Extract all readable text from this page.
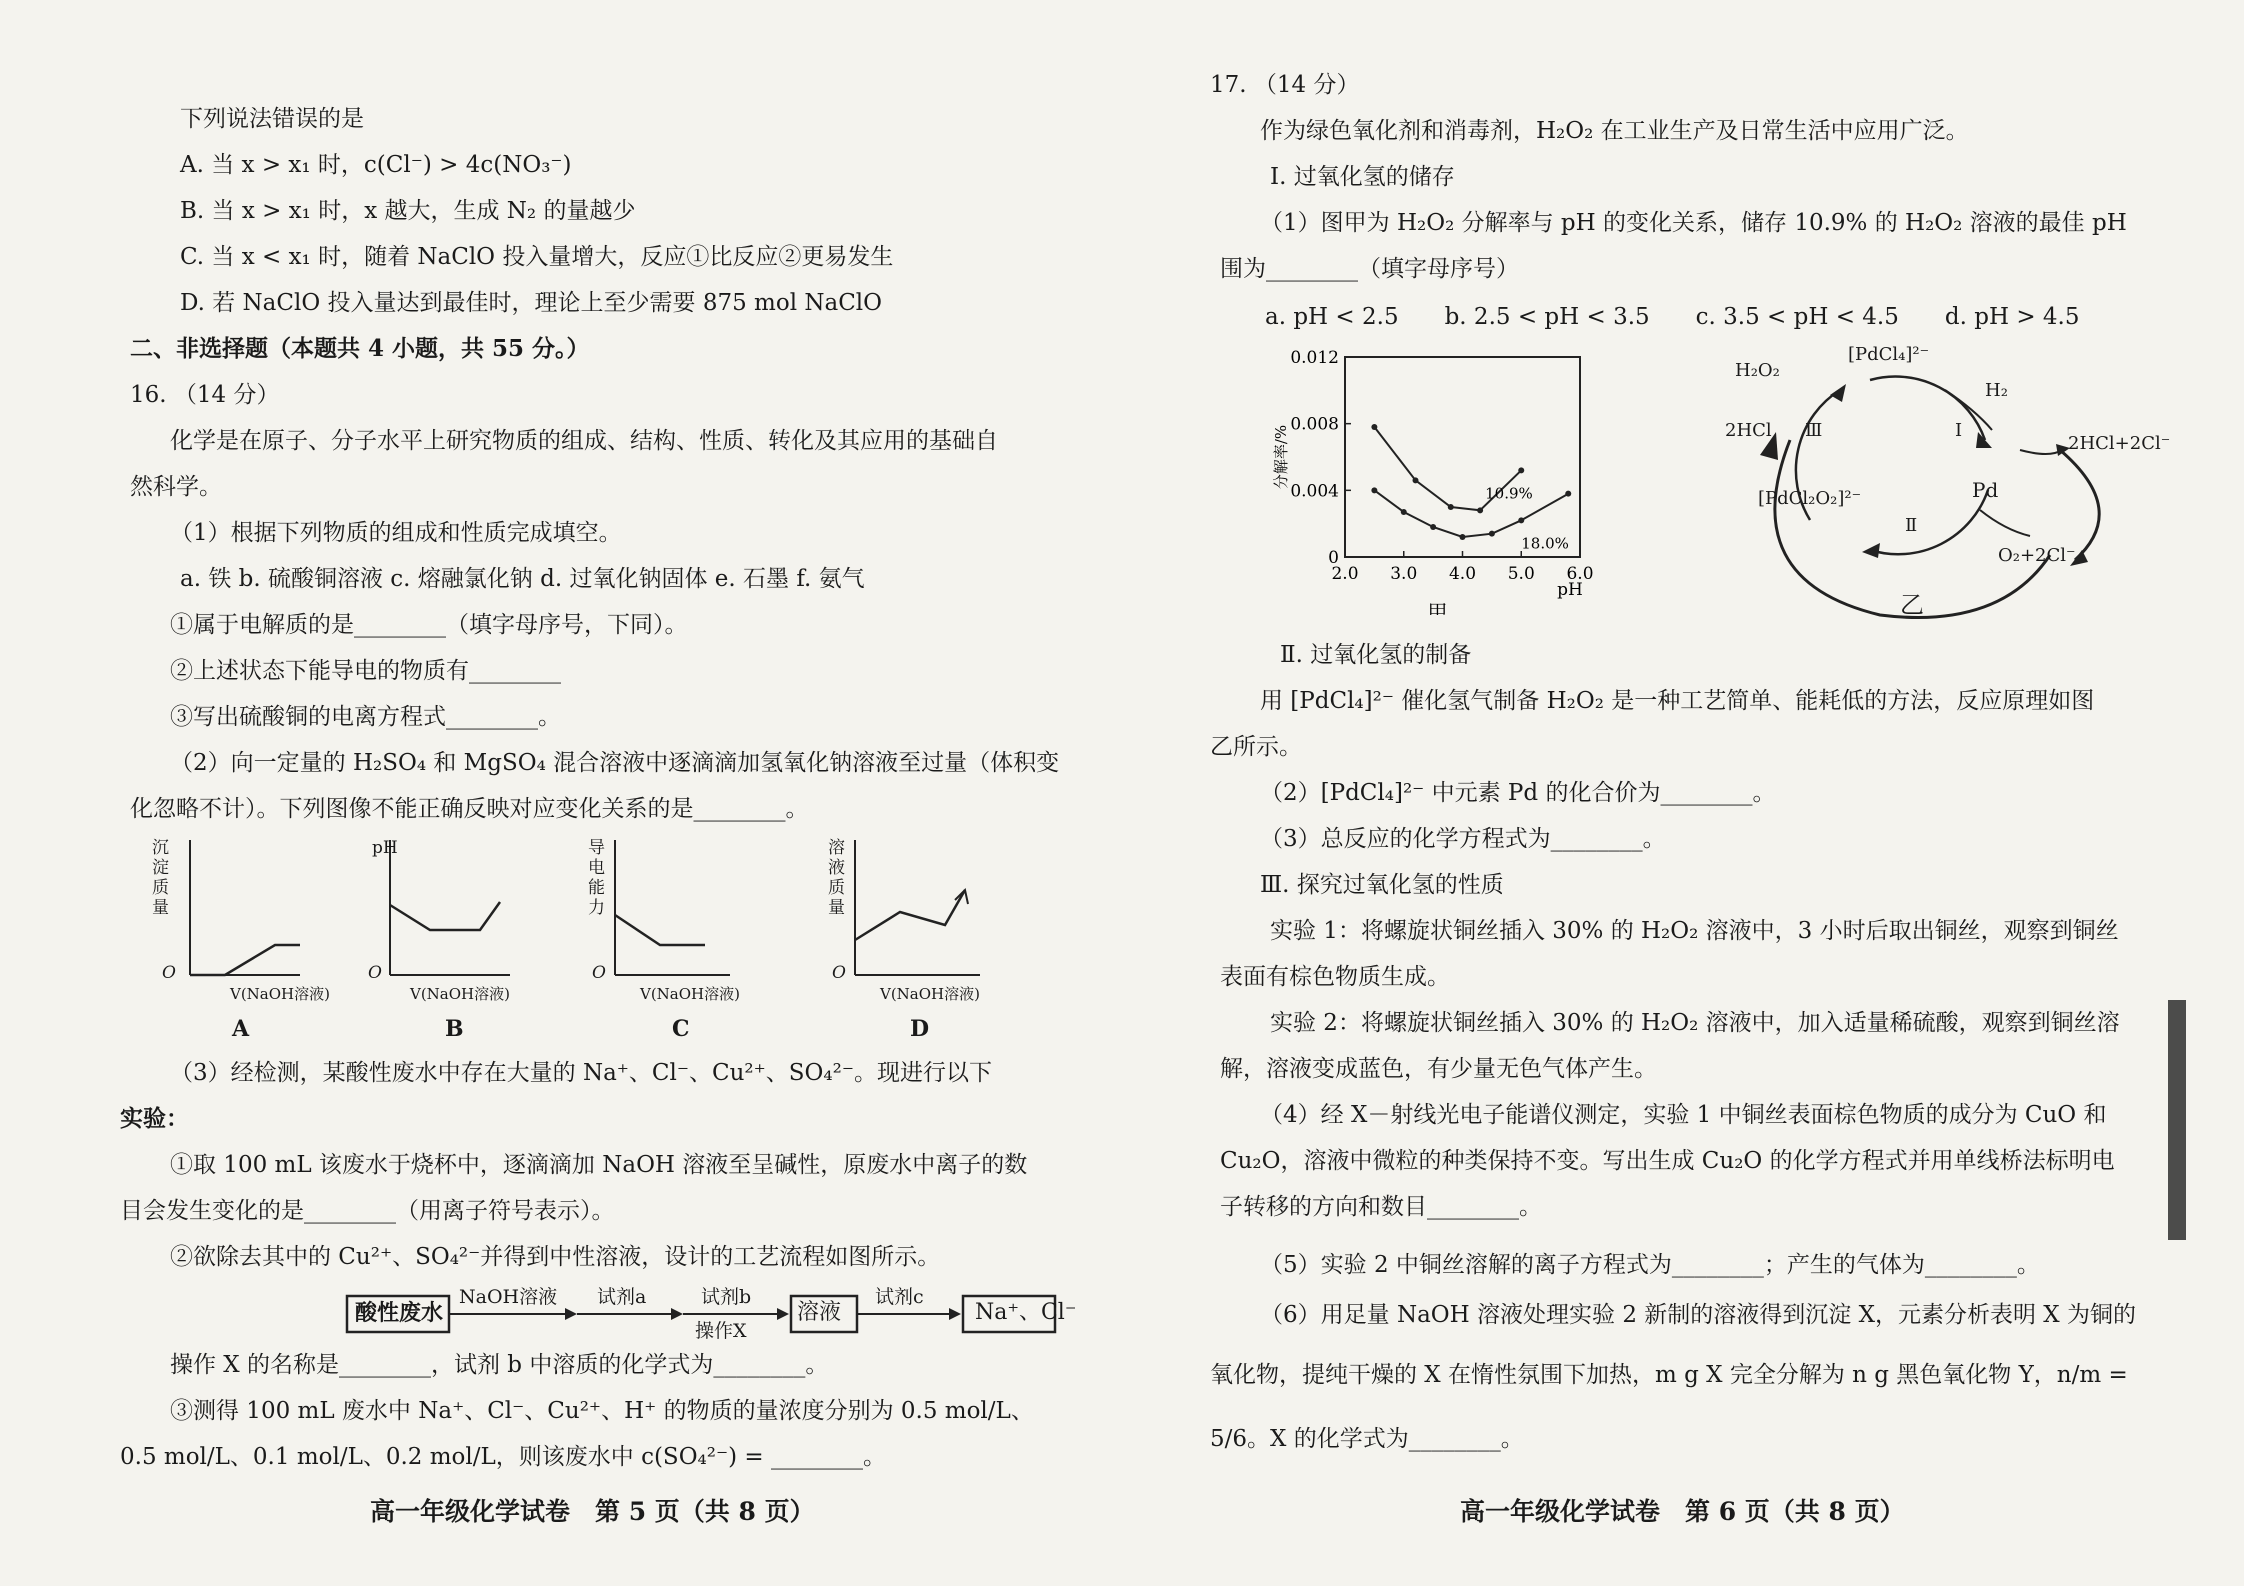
下列说法错误的是
A. 当 x > x₁ 时，c(Cl⁻) > 4c(NO₃⁻)
B. 当 x > x₁ 时，x 越大，生成 N₂ 的量越少
C. 当 x < x₁ 时，随着 NaClO 投入量增大，反应①比反应②更易发生
D. 若 NaClO 投入量达到最佳时，理论上至少需要 875 mol NaClO
二、非选择题（本题共 4 小题，共 55 分。）
16. （14 分）
化学是在原子、分子水平上研究物质的组成、结构、性质、转化及其应用的基础自
然科学。
（1）根据下列物质的组成和性质完成填空。
a. 铁 b. 硫酸铜溶液 c. 熔融氯化钠 d. 过氧化钠固体 e. 石墨 f. 氨气
①属于电解质的是________（填字母序号，下同）。
②上述状态下能导电的物质有________
③写出硫酸铜的电离方程式________。
（2）向一定量的 H₂SO₄ 和 MgSO₄ 混合溶液中逐滴滴加氢氧化钠溶液至过量（体积变
化忽略不计）。下列图像不能正确反映对应变化关系的是________。
沉淀质量
O
V(NaOH溶液)
A
pH
O
V(NaOH溶液)
B
导电能力
O
V(NaOH溶液)
C
溶液质量
O
V(NaOH溶液)
D
（3）经检测，某酸性废水中存在大量的 Na⁺、Cl⁻、Cu²⁺、SO₄²⁻。现进行以下
实验：
①取 100 mL 该废水于烧杯中，逐滴滴加 NaOH 溶液至呈碱性，原废水中离子的数
目会发生变化的是________（用离子符号表示）。
②欲除去其中的 Cu²⁺、SO₄²⁻并得到中性溶液，设计的工艺流程如图所示。
酸性废水
NaOH溶液 试剂a	试剂b
操作X
溶液
试剂c
Na⁺、Cl⁻
操作 X 的名称是________，试剂 b 中溶质的化学式为________。
③测得 100 mL 废水中 Na⁺、Cl⁻、Cu²⁺、H⁺ 的物质的量浓度分别为 0.5 mol/L、
0.5 mol/L、0.1 mol/L、0.2 mol/L，则该废水中 c(SO₄²⁻) = ________。
高一年级化学试卷　第 5 页（共 8 页）
17. （14 分）
作为绿色氧化剂和消毒剂，H₂O₂ 在工业生产及日常生活中应用广泛。
Ⅰ. 过氧化氢的储存
（1）图甲为 H₂O₂ 分解率与 pH 的变化关系，储存 10.9% 的 H₂O₂ 溶液的最佳 pH
围为________（填字母序号）
a. pH < 2.5　　b. 2.5 < pH < 3.5　　c. 3.5 < pH < 4.5　　d. pH > 4.5
0
0.004
0.008
0.012
2.0 3.0 4.0 5.0 6.0
分解率/%
pH
甲
10.9%
18.0%
H₂O₂
[PdCl₄]²⁻
H₂
2HCl+2Cl⁻
Pd
O₂+2Cl⁻
[PdCl₂O₂]²⁻
2HCl	Ⅰ
Ⅱ
Ⅲ
乙
Ⅱ. 过氧化氢的制备
用 [PdCl₄]²⁻ 催化氢气制备 H₂O₂ 是一种工艺简单、能耗低的方法，反应原理如图
乙所示。
（2）[PdCl₄]²⁻ 中元素 Pd 的化合价为________。
（3）总反应的化学方程式为________。
Ⅲ. 探究过氧化氢的性质
实验 1：将螺旋状铜丝插入 30% 的 H₂O₂ 溶液中，3 小时后取出铜丝，观察到铜丝
表面有棕色物质生成。
实验 2：将螺旋状铜丝插入 30% 的 H₂O₂ 溶液中，加入适量稀硫酸，观察到铜丝溶
解，溶液变成蓝色，有少量无色气体产生。
（4）经 X－射线光电子能谱仪测定，实验 1 中铜丝表面棕色物质的成分为 CuO 和
Cu₂O，溶液中微粒的种类保持不变。写出生成 Cu₂O 的化学方程式并用单线桥法标明电
子转移的方向和数目________。
（5）实验 2 中铜丝溶解的离子方程式为________；产生的气体为________。
（6）用足量 NaOH 溶液处理实验 2 新制的溶液得到沉淀 X，元素分析表明 X 为铜的
氧化物，提纯干燥的 X 在惰性氛围下加热，m g X 完全分解为 n g 黑色氧化物 Y，n/m =
5/6。X 的化学式为________。
高一年级化学试卷　第 6 页（共 8 页）
